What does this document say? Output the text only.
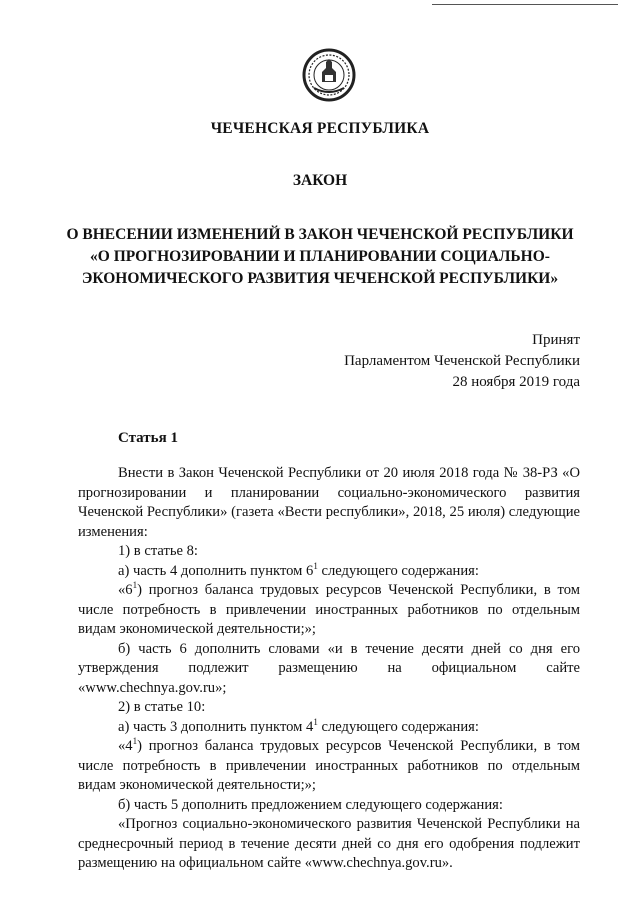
ЧЕЧЕНСКАЯ РЕСПУБЛИКА
ЗАКОН
О ВНЕСЕНИИ ИЗМЕНЕНИЙ В ЗАКОН ЧЕЧЕНСКОЙ РЕСПУБЛИКИ
«О ПРОГНОЗИРОВАНИИ И ПЛАНИРОВАНИИ СОЦИАЛЬНО-
ЭКОНОМИЧЕСКОГО РАЗВИТИЯ ЧЕЧЕНСКОЙ РЕСПУБЛИКИ»
Принят
Парламентом Чеченской Республики
28 ноября 2019 года
Статья 1

Внести в Закон Чеченской Республики от 20 июля 2018 года № 38-РЗ «О прогнозировании и планировании социально-экономического развития Чеченской Республики» (газета «Вести республики», 2018, 25 июля) следующие изменения:

1) в статье 8:

а) часть 4 дополнить пунктом $6^1$ следующего содержания:

«$6^1$) прогноз баланса трудовых ресурсов Чеченской Республики, в том числе потребность в привлечении иностранных работников по отдельным видам экономической деятельности;»;

б) часть 6 дополнить словами «и в течение десяти дней со дня его утверждения подлежит размещению на официальном сайте «www.chechnya.gov.ru»;

2) в статье 10:

а) часть 3 дополнить пунктом $4^1$ следующего содержания:

«$4^1$) прогноз баланса трудовых ресурсов Чеченской Республики, в том числе потребность в привлечении иностранных работников по отдельным видам экономической деятельности;»;

б) часть 5 дополнить предложением следующего содержания:

«Прогноз социально-экономического развития Чеченской Республики на среднесрочный период в течение десяти дней со дня его одобрения подлежит размещению на официальном сайте «www.chechnya.gov.ru».
